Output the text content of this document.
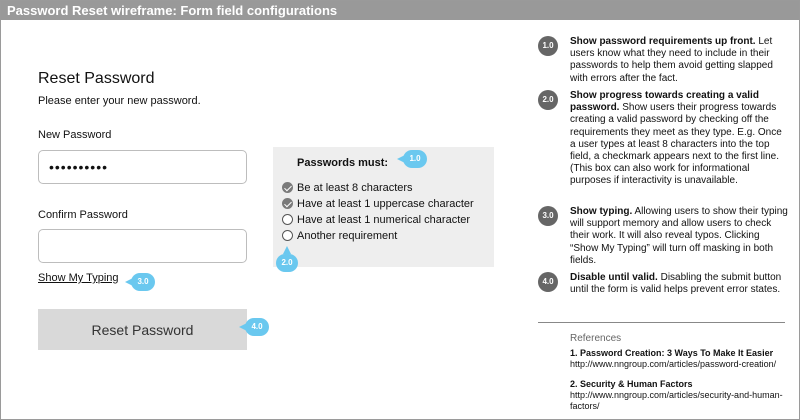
Password Reset wireframe: Form field configurations
Reset Password
Please enter your new password.
New Password
••••••••••
Confirm Password
Show My Typing
Reset Password
Passwords must:
Be at least 8 characters
Have at least 1 uppercase character
Have at least 1 numerical character
Another requirement
1.0
2.0
3.0
4.0
1.0	Show password requirements up front. Let users know what they need to include in their passwords to help them avoid getting slapped with errors after the fact.
2.0	Show progress towards creating a valid password. Show users their progress towards creating a valid password by checking off the requirements they meet as they type. E.g. Once a user types at least 8 characters into the top field, a checkmark appears next to the first line. (This box can also work for informational purposes if interactivity is unavailable.
3.0	Show typing. Allowing users to show their typing will support memory and allow users to check their work. It will also reveal typos. Clicking “Show My Typing” will turn off masking in both fields.
4.0	Disable until valid. Disabling the submit button until the form is valid helps prevent error states.
References
1. Password Creation: 3 Ways To Make It Easier http://www.nngroup.com/articles/password-creation/
2. Security & Human Factors http://www.nngroup.com/articles/security-and-human-factors/
